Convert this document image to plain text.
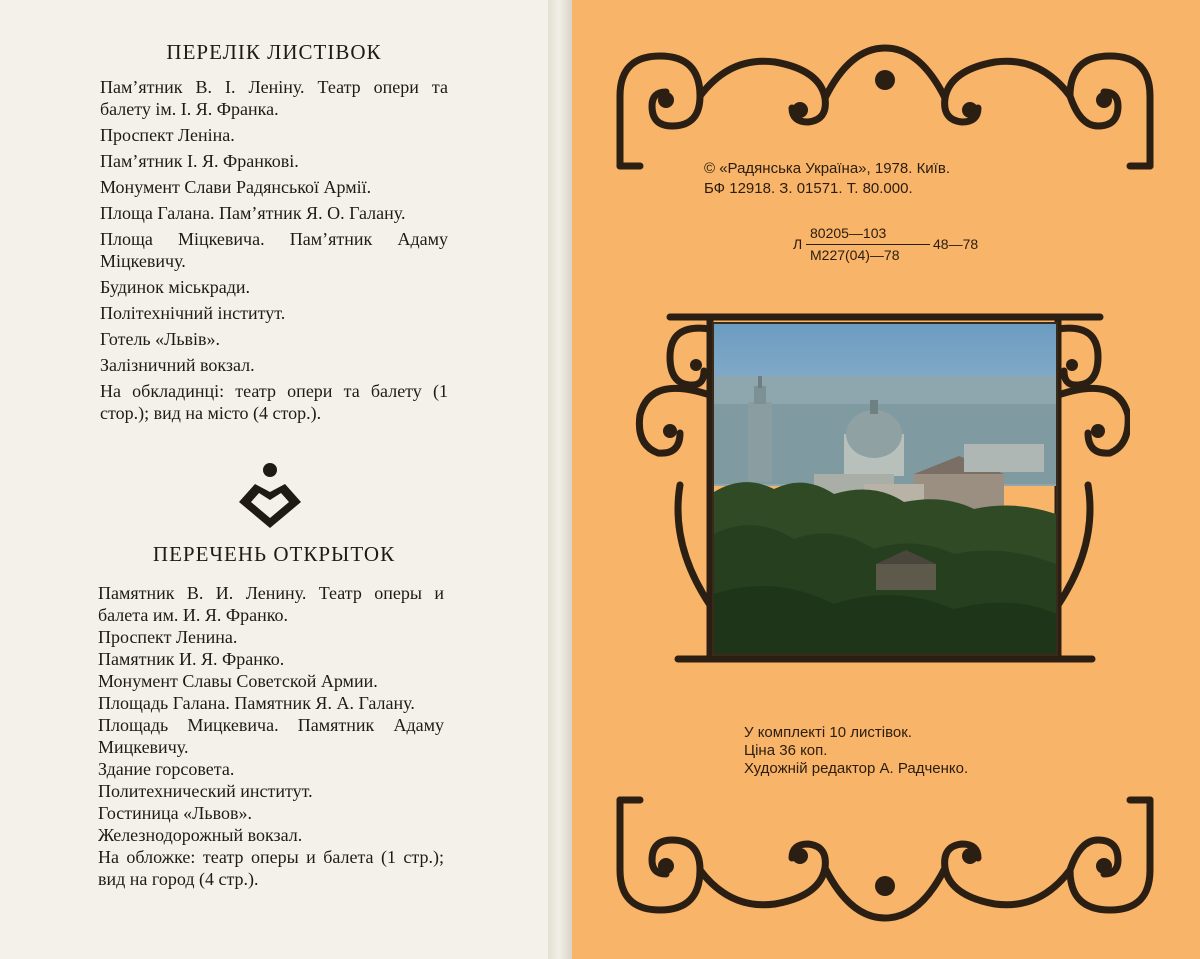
ПЕРЕЛІК ЛИСТІВОК
Пам’ятник В. І. Леніну. Театр опери та балету ім. І. Я. Франка.
Проспект Леніна.
Пам’ятник І. Я. Франкові.
Монумент Слави Радянської Армії.
Площа Галана. Пам’ятник Я. О. Галану.
Площа Міцкевича. Пам’ятник Адаму Міцкевичу.
Будинок міськради.
Політехнічний інститут.
Готель «Львів».
Залізничний вокзал.
На обкладинці: театр опери та балету (1 стор.); вид на місто (4 стор.).
ПЕРЕЧЕНЬ ОТКРЫТОК
Памятник В. И. Ленину. Театр оперы и балета им. И. Я. Франко.
Проспект Ленина.
Памятник И. Я. Франко.
Монумент Славы Советской Армии.
Площадь Галана. Памятник Я. А. Галану.
Площадь Мицкевича. Памятник Адаму Мицкевичу.
Здание горсовета.
Политехнический институт.
Гостиница «Львов».
Железнодорожный вокзал.
На обложке: театр оперы и балета (1 стр.); вид на город (4 стр.).
© «Радянська Україна», 1978. Київ.
БФ 12918. З. 01571. Т. 80.000.
Л
80205—103
М227(04)—78
48—78
У комплекті 10 листівок.
Ціна 36 коп.
Художній редактор А. Радченко.
